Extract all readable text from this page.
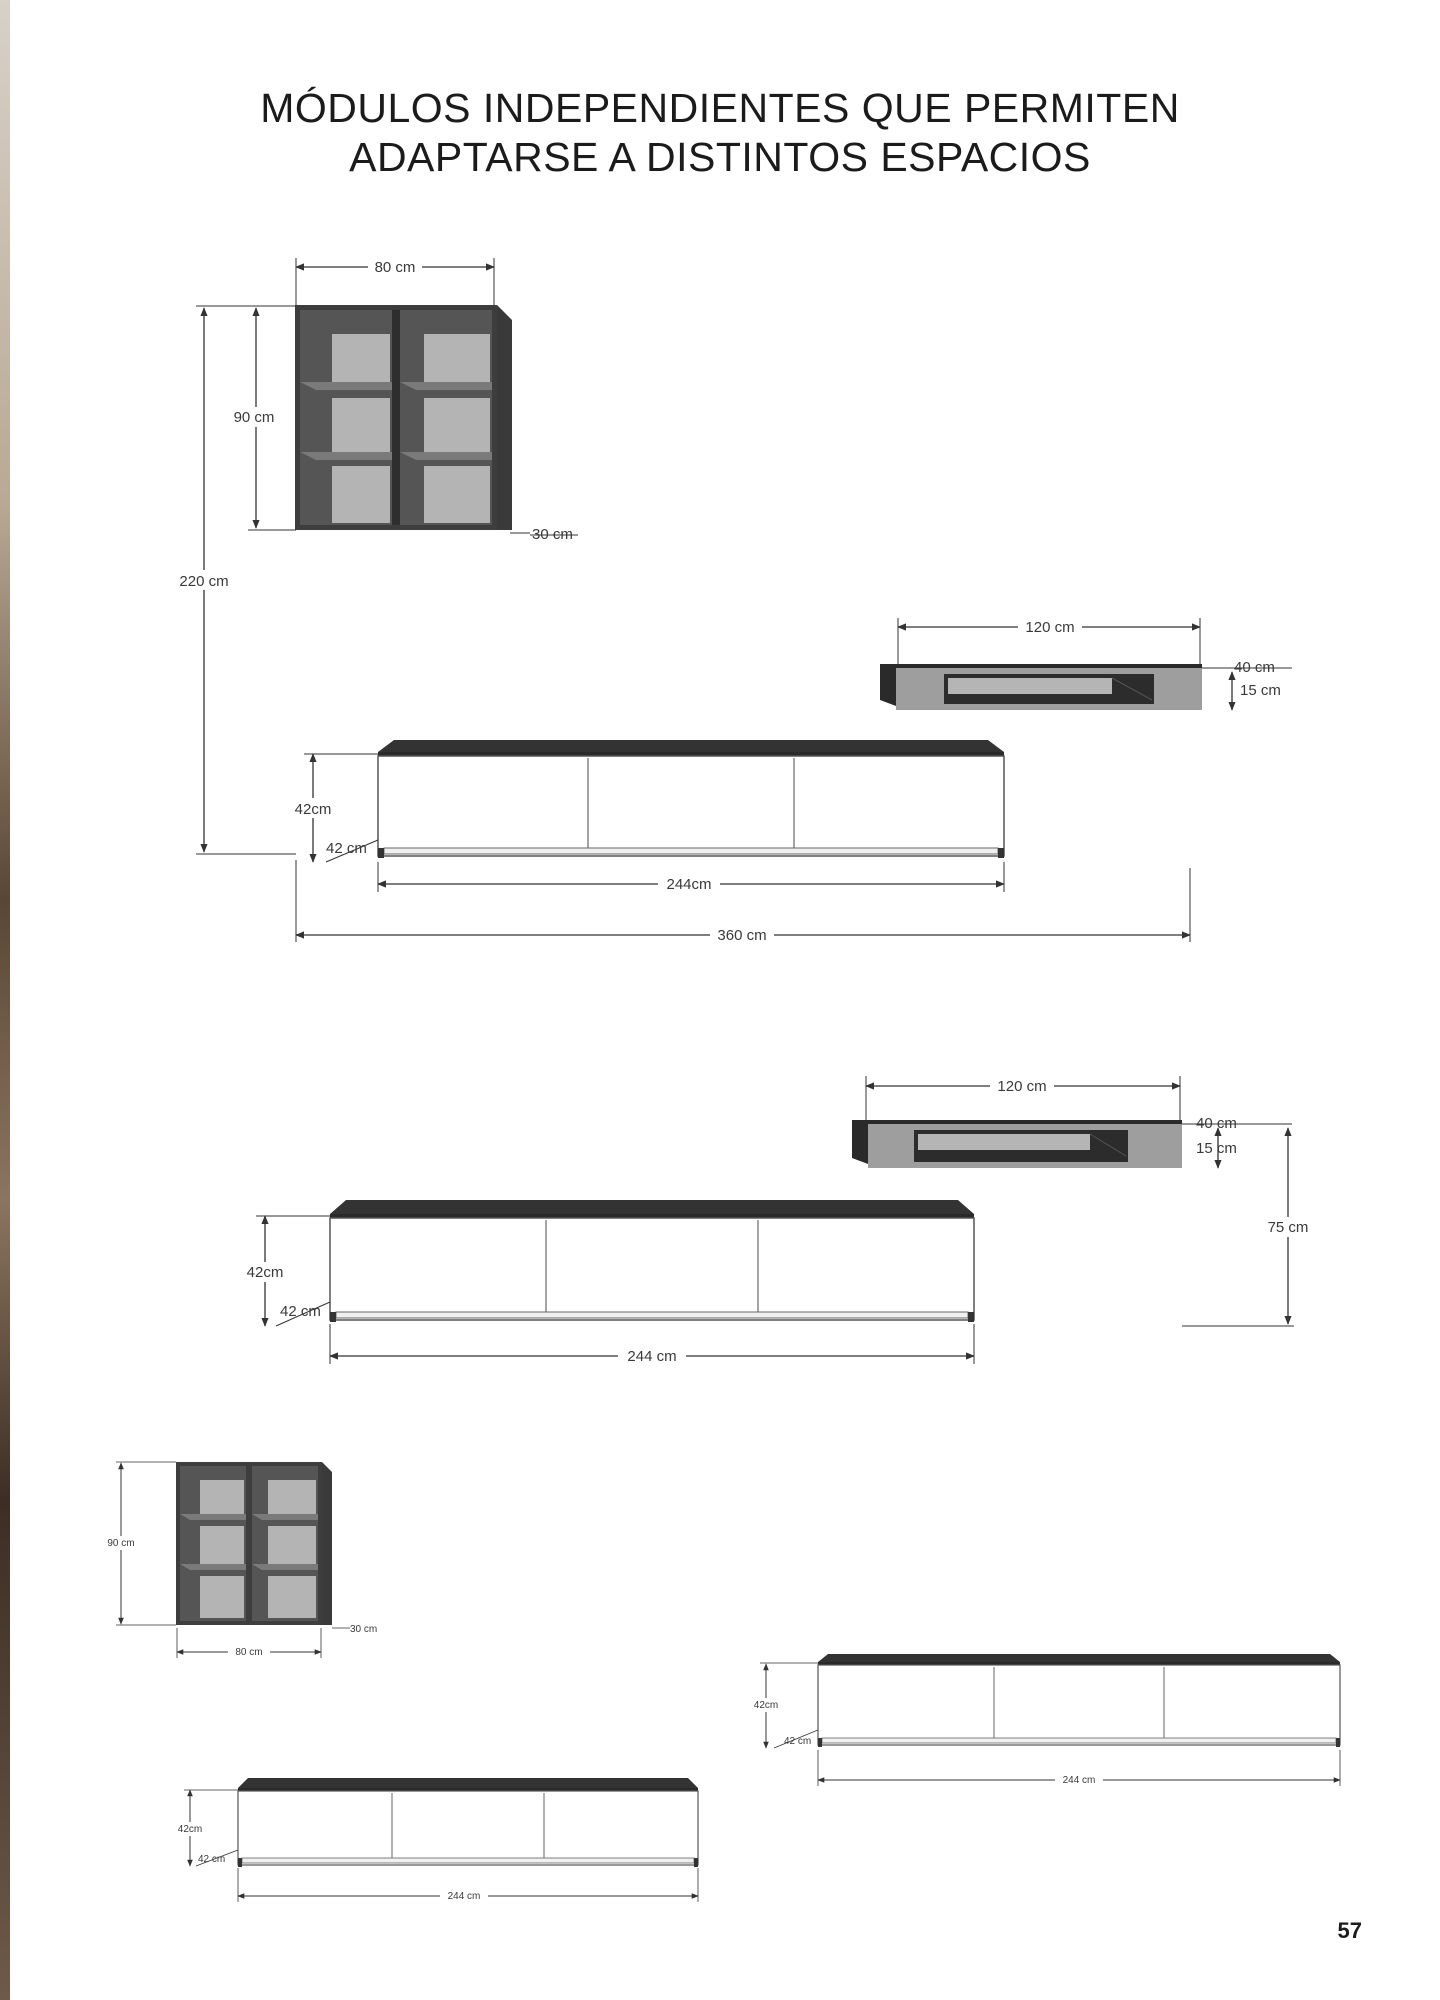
MÓDULOS INDEPENDIENTES QUE PERMITEN
ADAPTARSE A DISTINTOS ESPACIOS
80 cm
90 cm
30 cm
220 cm
120 cm
40 cm
15 cm
42cm
42 cm
244cm
360 cm
120 cm
40 cm
15 cm
75 cm
42cm
42 cm
244 cm
90 cm
30 cm
80 cm
42cm
42 cm
244 cm
42cm
42 cm
244 cm
57
